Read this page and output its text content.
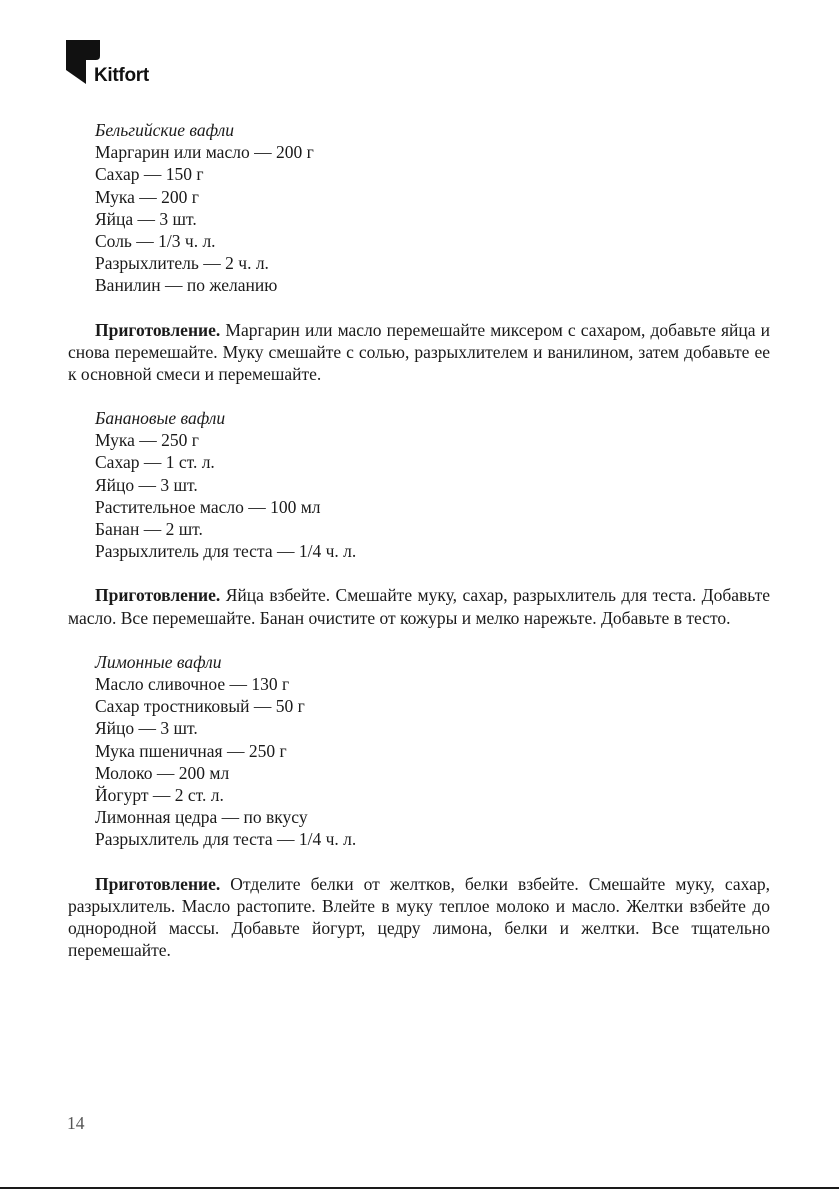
Kitfort
Бельгийские вафли
Маргарин или масло — 200 г
Сахар — 150 г
Мука — 200 г
Яйца — 3 шт.
Соль — 1/3 ч. л.
Разрыхлитель — 2 ч. л.
Ванилин — по желанию

Приготовление. Маргарин или масло перемешайте миксером с сахаром, добавьте яйца и снова перемешайте. Муку смешайте с солью, разрыхлителем и ванилином, затем добавьте ее к основной смеси и перемешайте.

Банановые вафли
Мука — 250 г
Сахар — 1 ст. л.
Яйцо — 3 шт.
Растительное масло — 100 мл
Банан — 2 шт.
Разрыхлитель для теста — 1/4 ч. л.

Приготовление. Яйца взбейте. Смешайте муку, сахар, разрыхлитель для теста. Добавьте масло. Все перемешайте. Банан очистите от кожуры и мелко нарежьте. Добавьте в тесто.

Лимонные вафли
Масло сливочное — 130 г
Сахар тростниковый — 50 г
Яйцо — 3 шт.
Мука пшеничная — 250 г
Молоко — 200 мл
Йогурт — 2 ст. л.
Лимонная цедра — по вкусу
Разрыхлитель для теста — 1/4 ч. л.

Приготовление. Отделите белки от желтков, белки взбейте. Смешайте муку, сахар, разрыхлитель. Масло растопите. Влейте в муку теплое молоко и масло. Желтки взбейте до однородной массы. Добавьте йогурт, цедру лимона, белки и желтки. Все тщательно перемешайте.

14
